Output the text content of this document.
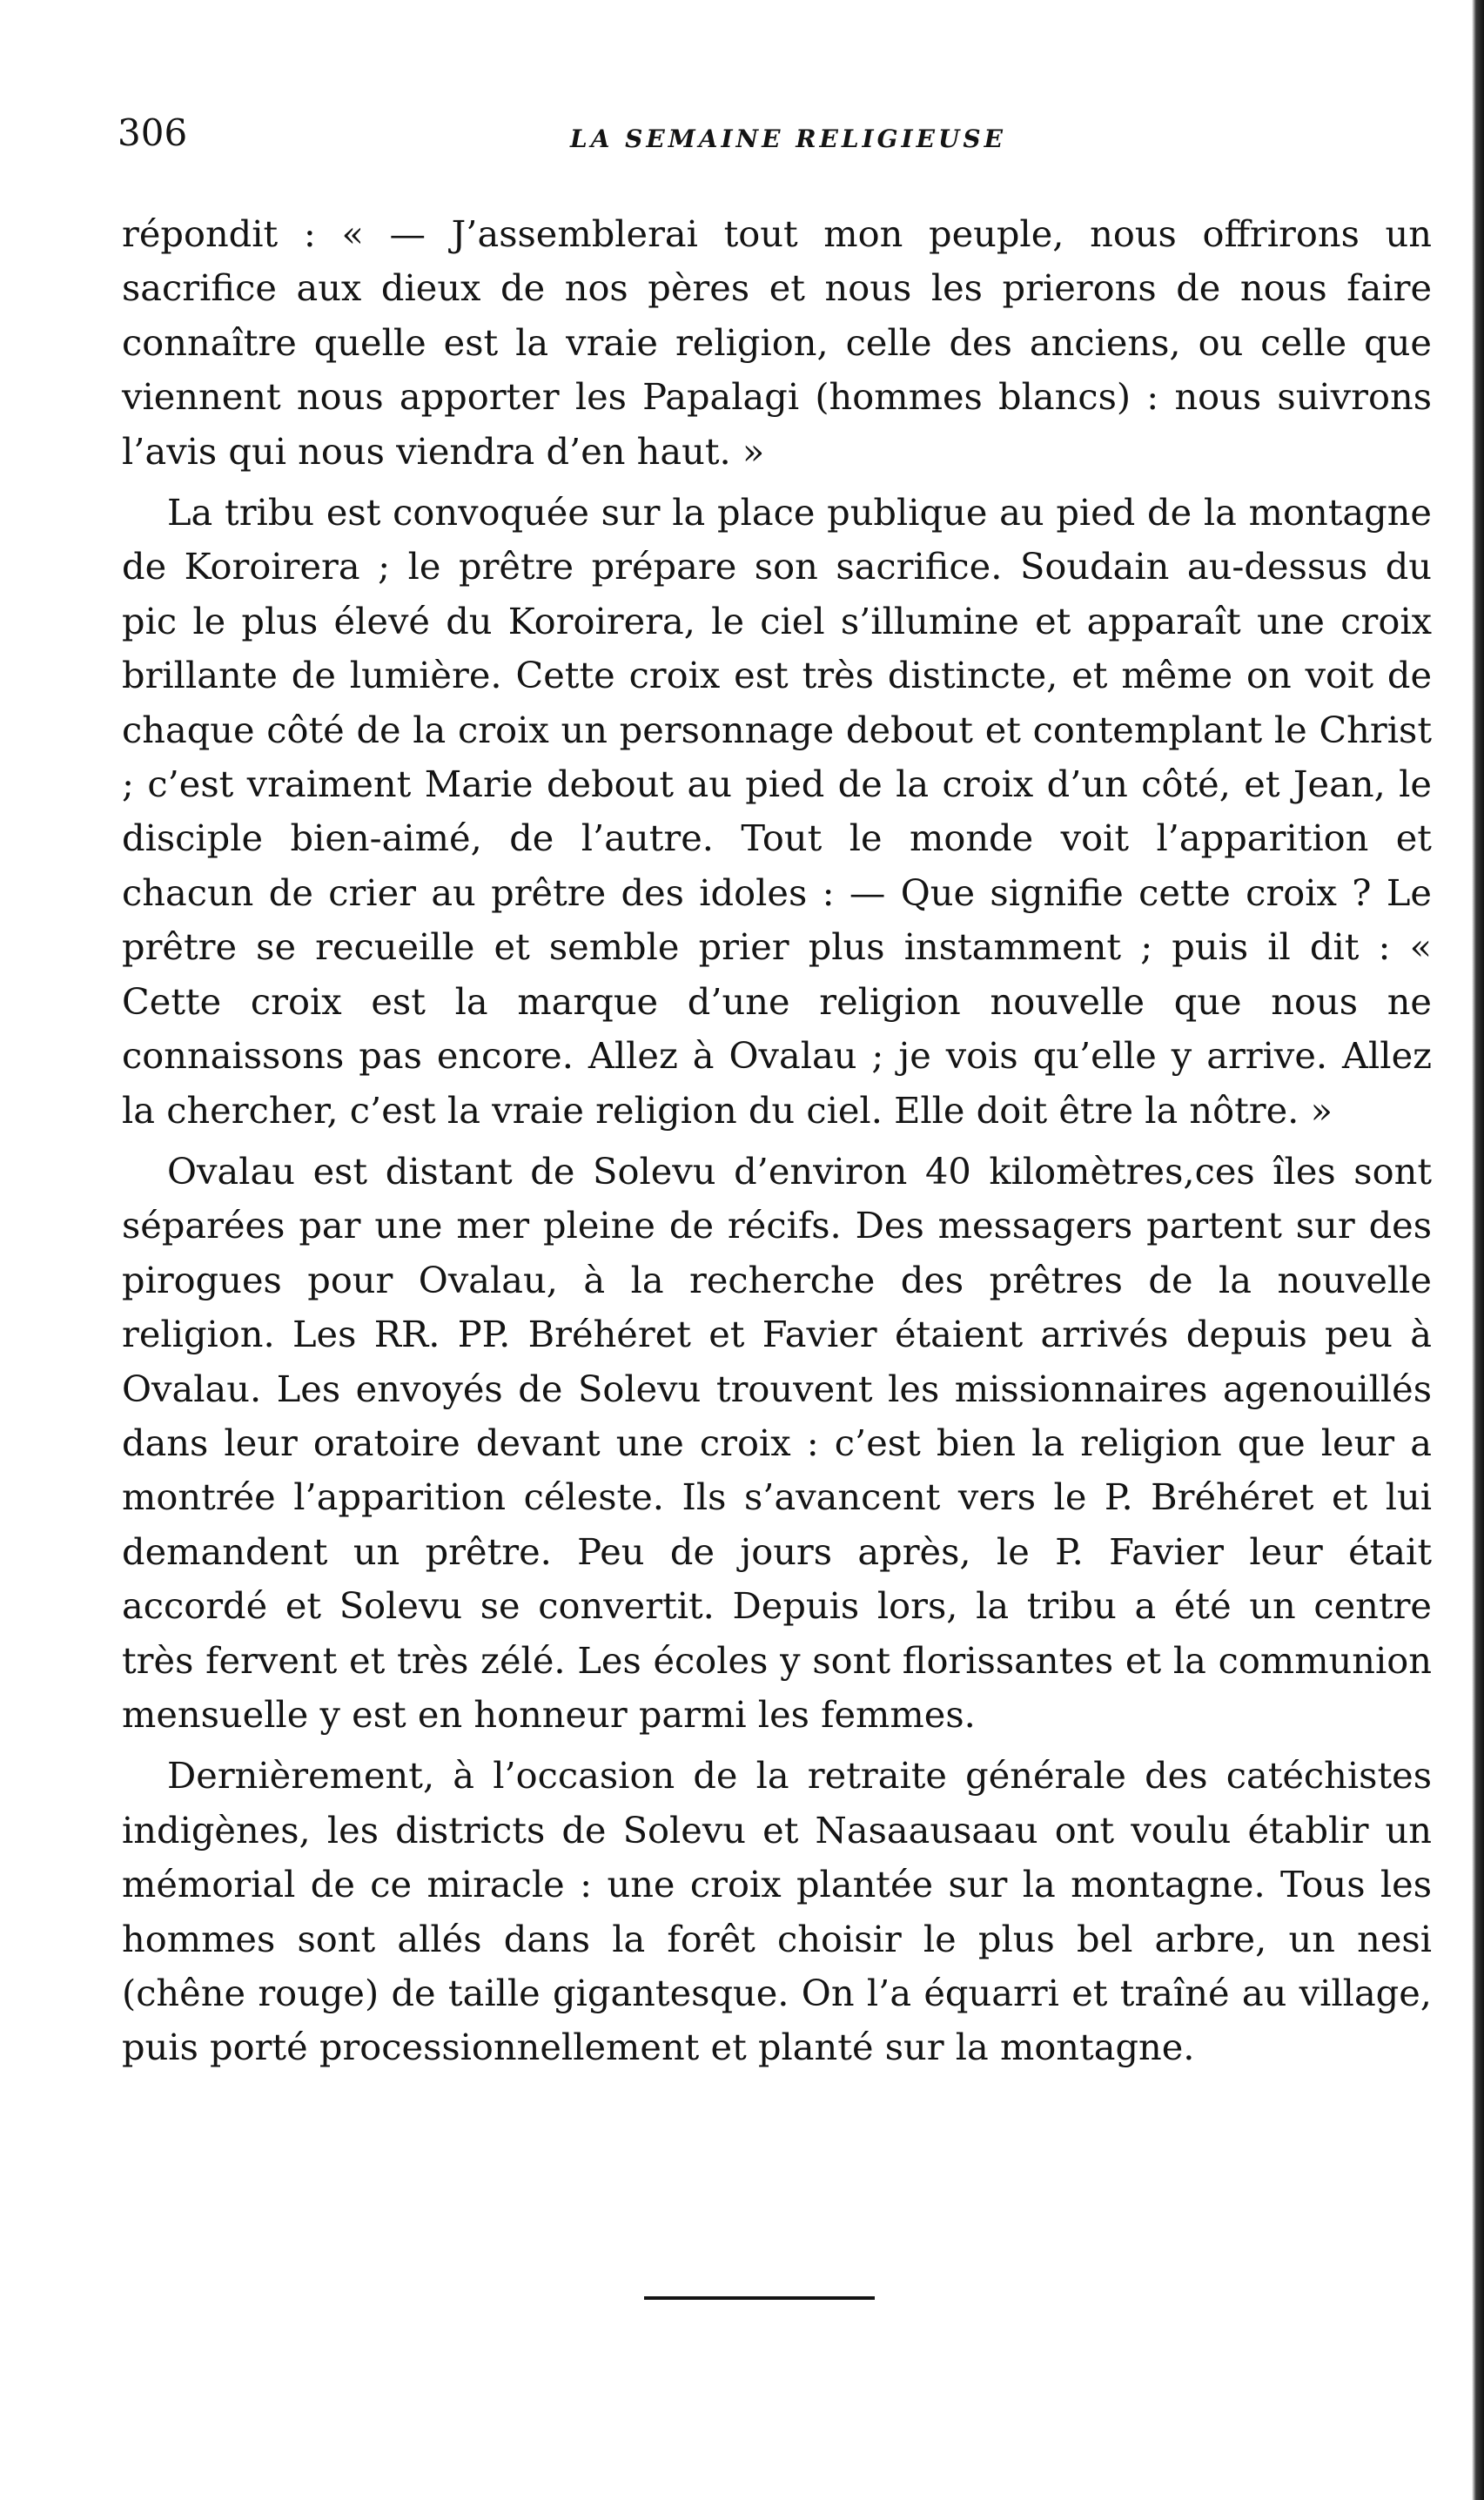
306	LA SEMAINE RELIGIEUSE

répondit : « — J’assemblerai tout mon peuple, nous offrirons un sacrifice aux dieux de nos pères et nous les prierons de nous faire connaître quelle est la vraie religion, celle des anciens, ou celle que viennent nous apporter les Papalagi (hommes blancs) : nous suivrons l’avis qui nous viendra d’en haut. »

La tribu est convoquée sur la place publique au pied de la montagne de Koroirera ; le prêtre prépare son sacrifice. Soudain au-dessus du pic le plus élevé du Koroirera, le ciel s’illumine et apparaît une croix brillante de lumière. Cette croix est très distincte, et même on voit de chaque côté de la croix un personnage debout et contemplant le Christ ; c’est vraiment Marie debout au pied de la croix d’un côté, et Jean, le disciple bien-aimé, de l’autre. Tout le monde voit l’apparition et chacun de crier au prêtre des idoles : — Que signifie cette croix ? Le prêtre se recueille et semble prier plus instamment ; puis il dit : « Cette croix est la marque d’une religion nouvelle que nous ne connaissons pas encore. Allez à Ovalau ; je vois qu’elle y arrive. Allez la chercher, c’est la vraie religion du ciel. Elle doit être la nôtre. »

Ovalau est distant de Solevu d’environ 40 kilomètres,ces îles sont séparées par une mer pleine de récifs. Des messagers partent sur des pirogues pour Ovalau, à la recherche des prêtres de la nouvelle religion. Les RR. PP. Bréhéret et Favier étaient arrivés depuis peu à Ovalau. Les envoyés de Solevu trouvent les missionnaires agenouillés dans leur oratoire devant une croix : c’est bien la religion que leur a montrée l’apparition céleste. Ils s’avancent vers le P. Bréhéret et lui demandent un prêtre. Peu de jours après, le P. Favier leur était accordé et Solevu se convertit. Depuis lors, la tribu a été un centre très fervent et très zélé. Les écoles y sont florissantes et la communion mensuelle y est en honneur parmi les femmes.

Dernièrement, à l’occasion de la retraite générale des catéchistes indigènes, les districts de Solevu et Nasaausaau ont voulu établir un mémorial de ce miracle : une croix plantée sur la montagne. Tous les hommes sont allés dans la forêt choisir le plus bel arbre, un nesi (chêne rouge) de taille gigantesque. On l’a équarri et traîné au village, puis porté processionnellement et planté sur la montagne.
